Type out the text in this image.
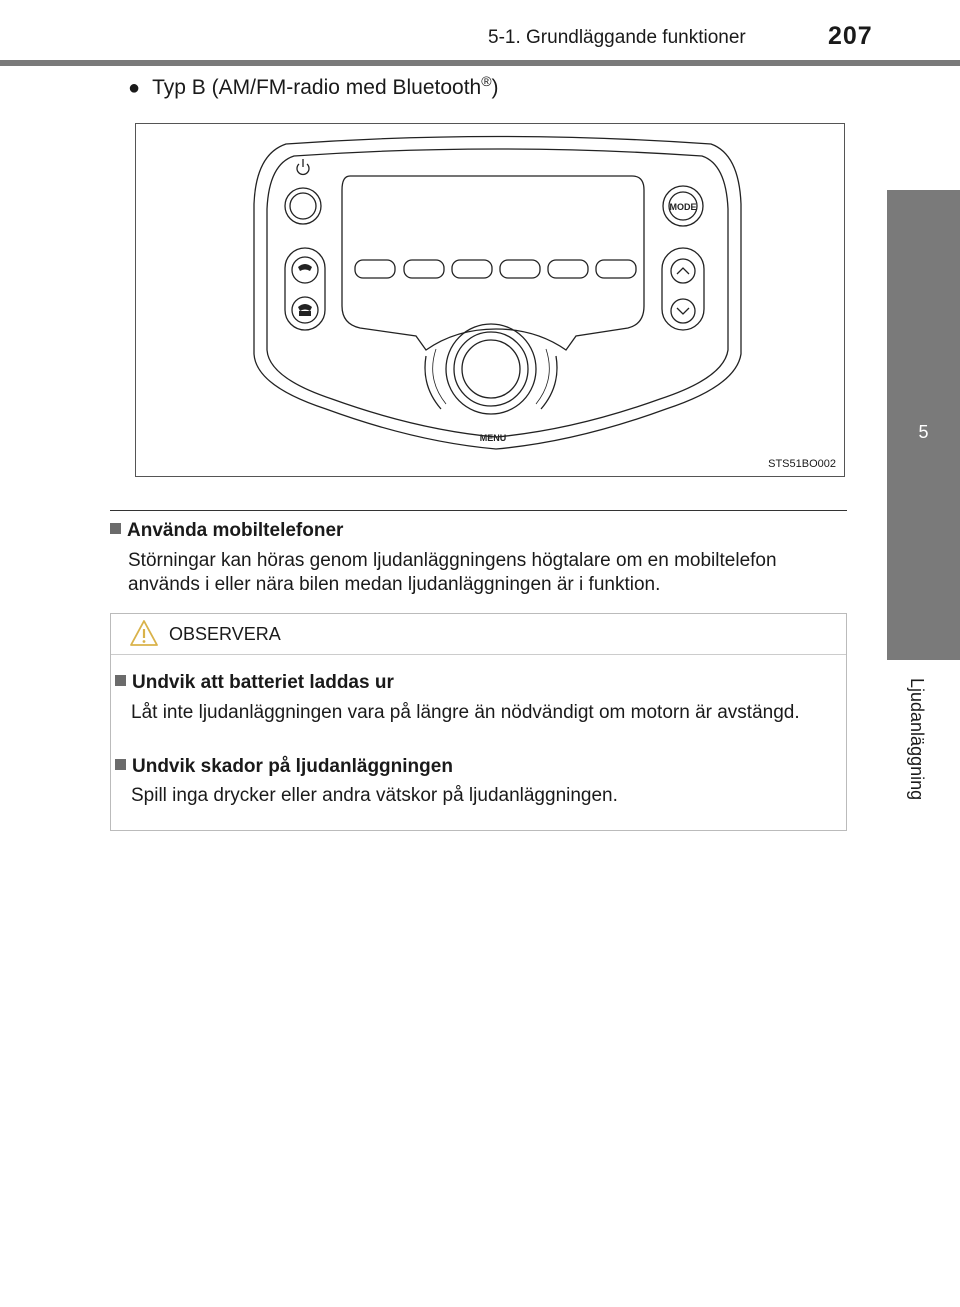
5-1. Grundläggande funktioner	207
5
Ljudanläggning
● Typ B (AM/FM-radio med Bluetooth®)
MODE
MENU
STS51BO002
Använda mobiltelefoner
Störningar kan höras genom ljudanläggningens högtalare om en mobiltelefon används i eller nära bilen medan ljudanläggningen är i funktion.
OBSERVERA
Undvik att batteriet laddas ur
Låt inte ljudanläggningen vara på längre än nödvändigt om motorn är avstängd.
Undvik skador på ljudanläggningen
Spill inga drycker eller andra vätskor på ljudanläggningen.
